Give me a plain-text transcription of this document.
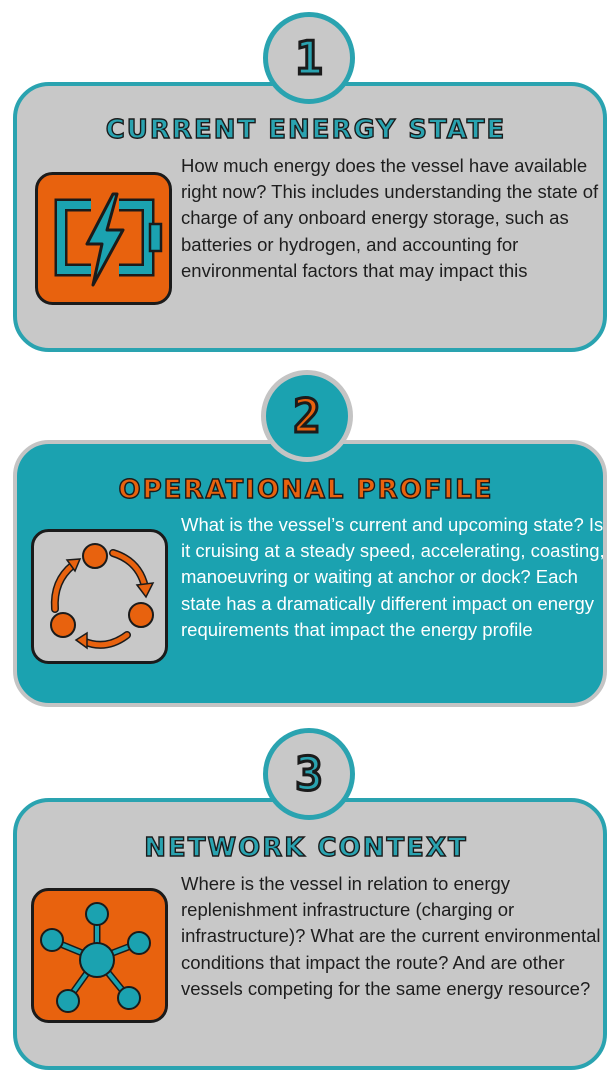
1
CURRENT ENERGY STATE

How much energy does the vessel have available right now? This includes understanding the state of charge of any onboard energy storage, such as batteries or hydrogen, and accounting for environmental factors that may impact this

2
OPERATIONAL PROFILE

What is the vessel’s current and upcoming state? Is it cruising at a steady speed, accelerating, coasting, manoeuvring or waiting at anchor or dock? Each state has a dramatically different impact on energy requirements that impact the energy profile

3
NETWORK CONTEXT

Where is the vessel in relation to energy replenishment infrastructure (charging or infrastructure)? What are the current environmental conditions that impact the route? And are other vessels competing for the same energy resource?
